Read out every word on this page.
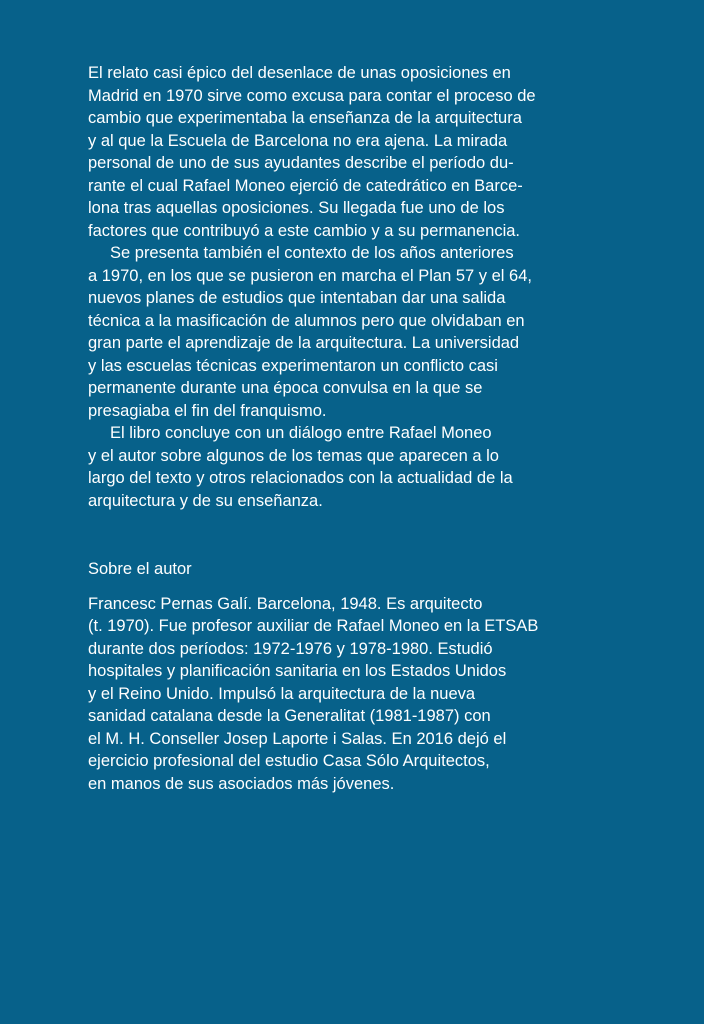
El relato casi épico del desenlace de unas oposiciones en
Madrid en 1970 sirve como excusa para contar el proceso de
cambio que experimentaba la enseñanza de la arquitectura
y al que la Escuela de Barcelona no era ajena. La mirada
personal de uno de sus ayudantes describe el período du-
rante el cual Rafael Moneo ejerció de catedrático en Barce-
lona tras aquellas oposiciones. Su llegada fue uno de los
factores que contribuyó a este cambio y a su permanencia.
Se presenta también el contexto de los años anteriores
a 1970, en los que se pusieron en marcha el Plan 57 y el 64,
nuevos planes de estudios que intentaban dar una salida
técnica a la masificación de alumnos pero que olvidaban en
gran parte el aprendizaje de la arquitectura. La universidad
y las escuelas técnicas experimentaron un conflicto casi
permanente durante una época convulsa en la que se
presagiaba el fin del franquismo.
El libro concluye con un diálogo entre Rafael Moneo
y el autor sobre algunos de los temas que aparecen a lo
largo del texto y otros relacionados con la actualidad de la
arquitectura y de su enseñanza.
Sobre el autor
Francesc Pernas Galí. Barcelona, 1948. Es arquitecto
(t. 1970). Fue profesor auxiliar de Rafael Moneo en la ETSAB
durante dos períodos: 1972-1976 y 1978-1980. Estudió
hospitales y planificación sanitaria en los Estados Unidos
y el Reino Unido. Impulsó la arquitectura de la nueva
sanidad catalana desde la Generalitat (1981-1987) con
el M. H. Conseller Josep Laporte i Salas. En 2016 dejó el
ejercicio profesional del estudio Casa Sólo Arquitectos,
en manos de sus asociados más jóvenes.
